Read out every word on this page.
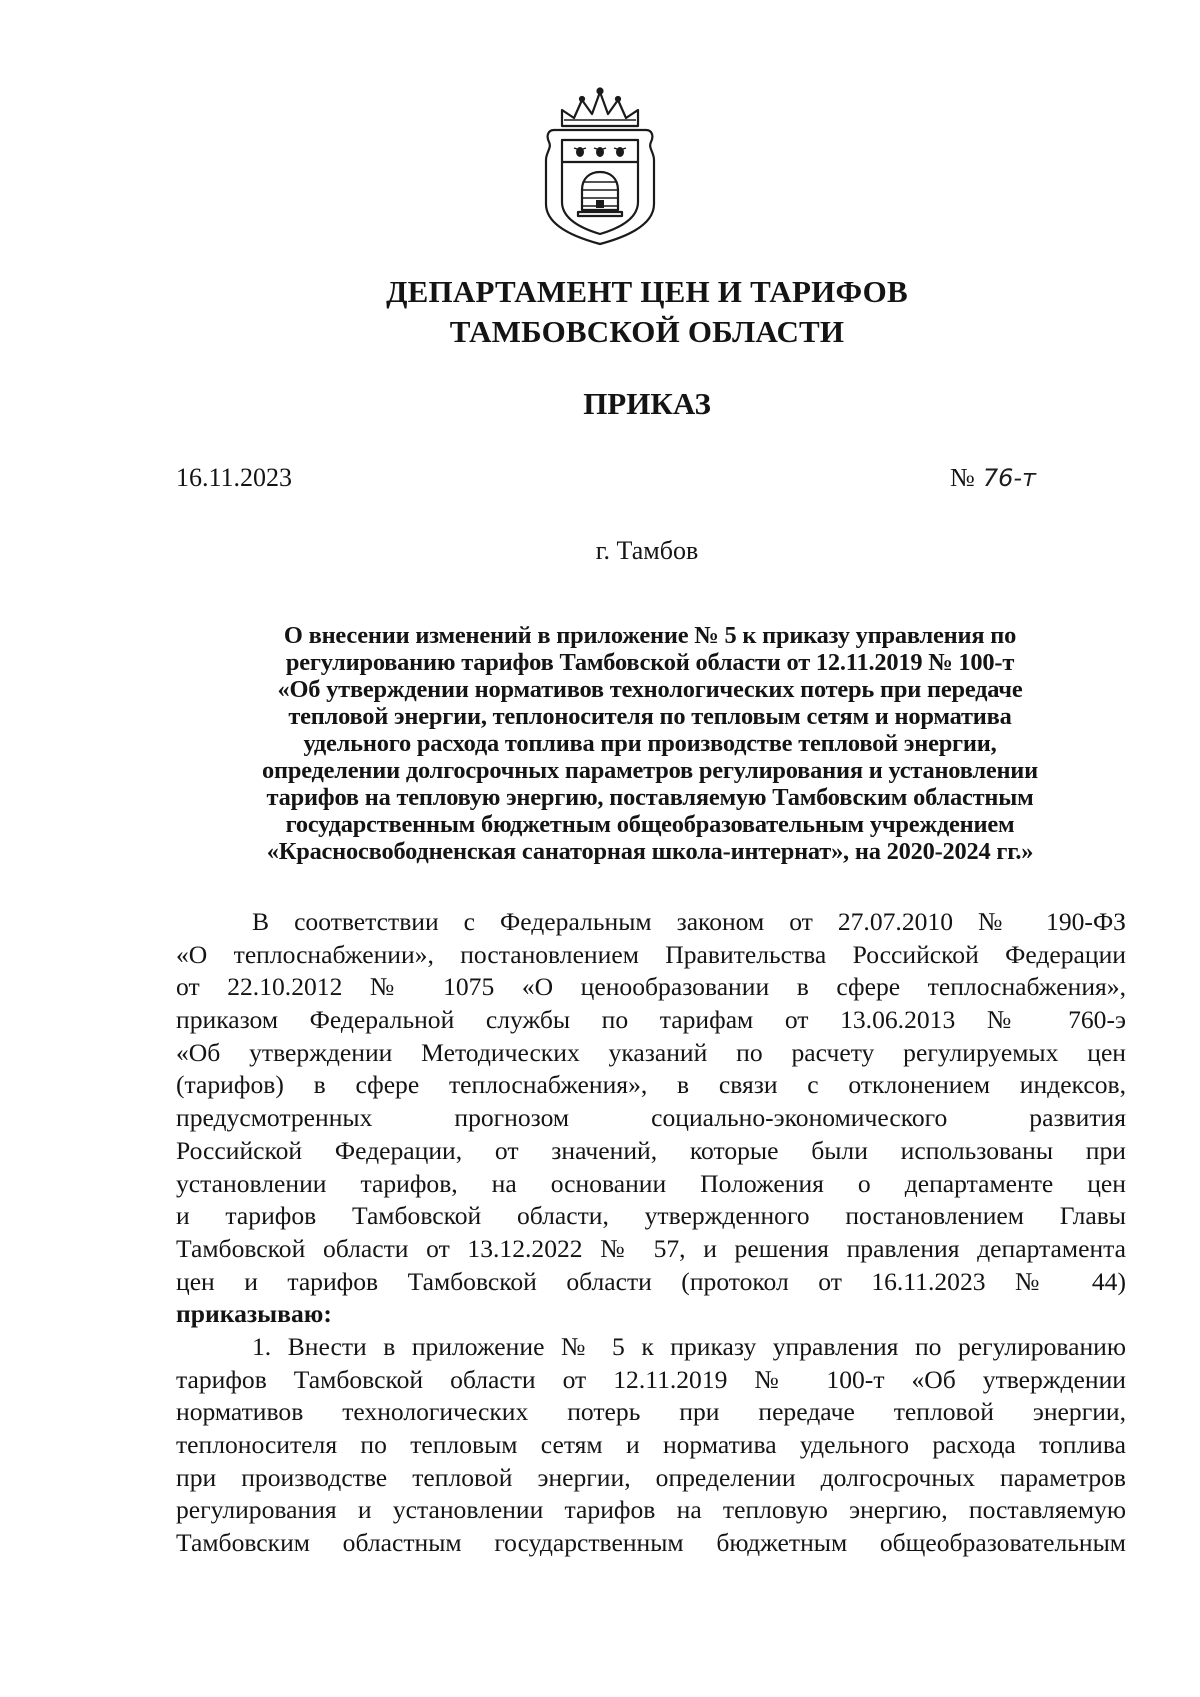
ДЕПАРТАМЕНТ ЦЕН И ТАРИФОВ
ТАМБОВСКОЙ ОБЛАСТИ
ПРИКАЗ
16.11.2023	№ 76-т
г. Тамбов
О внесении изменений в приложение № 5 к приказу управления по
регулированию тарифов Тамбовской области от 12.11.2019 № 100-т
«Об утверждении нормативов технологических потерь при передаче
тепловой энергии, теплоносителя по тепловым сетям и норматива
удельного расхода топлива при производстве тепловой энергии,
определении долгосрочных параметров регулирования и установлении
тарифов на тепловую энергию, поставляемую Тамбовским областным
государственным бюджетным общеобразовательным учреждением
«Красносвободненская санаторная школа-интернат», на 2020-2024 гг.»
В соответствии с Федеральным законом от 27.07.2010 № 190-ФЗ
«О теплоснабжении», постановлением Правительства Российской Федерации
от 22.10.2012 № 1075 «О ценообразовании в сфере теплоснабжения»,
приказом Федеральной службы по тарифам от 13.06.2013 № 760-э
«Об утверждении Методических указаний по расчету регулируемых цен
(тарифов) в сфере теплоснабжения», в связи с отклонением индексов,
предусмотренных прогнозом социально-экономического развития
Российской Федерации, от значений, которые были использованы при
установлении тарифов, на основании Положения о департаменте цен
и тарифов Тамбовской области, утвержденного постановлением Главы
Тамбовской области от 13.12.2022 № 57, и решения правления департамента
цен и тарифов Тамбовской области (протокол от 16.11.2023 № 44)
приказываю:
1. Внести в приложение № 5 к приказу управления по регулированию
тарифов Тамбовской области от 12.11.2019 № 100-т «Об утверждении
нормативов технологических потерь при передаче тепловой энергии,
теплоносителя по тепловым сетям и норматива удельного расхода топлива
при производстве тепловой энергии, определении долгосрочных параметров
регулирования и установлении тарифов на тепловую энергию, поставляемую
Тамбовским областным государственным бюджетным общеобразовательным
